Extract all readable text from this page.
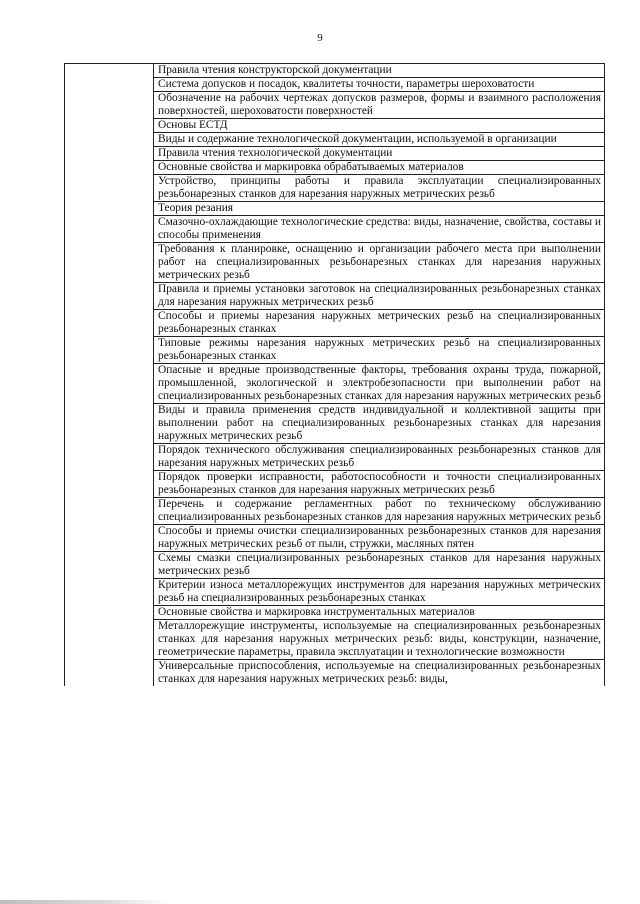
9
	Правила чтения конструкторской документации
Система допусков и посадок, квалитеты точности, параметры шероховатости
Обозначение на рабочих чертежах допусков размеров, формы и взаимного расположения поверхностей, шероховатости поверхностей
Основы ЕСТД
Виды и содержание технологической документации, используемой в организации
Правила чтения технологической документации
Основные свойства и маркировка обрабатываемых материалов
Устройство, принципы работы и правила эксплуатации специализированных резьбонарезных станков для нарезания наружных метрических резьб
Теория резания
Смазочно-охлаждающие технологические средства: виды, назначение, свойства, составы и способы применения
Требования к планировке, оснащению и организации рабочего места при выполнении работ на специализированных резьбонарезных станках для нарезания наружных метрических резьб
Правила и приемы установки заготовок на специализированных резьбонарезных станках для нарезания наружных метрических резьб
Способы и приемы нарезания наружных метрических резьб на специализированных резьбонарезных станках
Типовые режимы нарезания наружных метрических резьб на специализированных резьбонарезных станках
Опасные и вредные производственные факторы, требования охраны труда, пожарной, промышленной, экологической и электробезопасности при выполнении работ на специализированных резьбонарезных станках для нарезания наружных метрических резьб
Виды и правила применения средств индивидуальной и коллективной защиты при выполнении работ на специализированных резьбонарезных станках для нарезания наружных метрических резьб
Порядок технического обслуживания специализированных резьбонарезных станков для нарезания наружных метрических резьб
Порядок проверки исправности, работоспособности и точности специализированных резьбонарезных станков для нарезания наружных метрических резьб
Перечень и содержание регламентных работ по техническому обслуживанию специализированных резьбонарезных станков для нарезания наружных метрических резьб
Способы и приемы очистки специализированных резьбонарезных станков для нарезания наружных метрических резьб от пыли, стружки, масляных пятен
Схемы смазки специализированных резьбонарезных станков для нарезания наружных метрических резьб
Критерии износа металлорежущих инструментов для нарезания наружных метрических резьб на специализированных резьбонарезных станках
Основные свойства и маркировка инструментальных материалов
Металлорежущие инструменты, используемые на специализированных резьбонарезных станках для нарезания наружных метрических резьб: виды, конструкции, назначение, геометрические параметры, правила эксплуатации и технологические возможности
Универсальные приспособления, используемые на специализированных резьбонарезных станках для нарезания наружных метрических резьб: виды,
